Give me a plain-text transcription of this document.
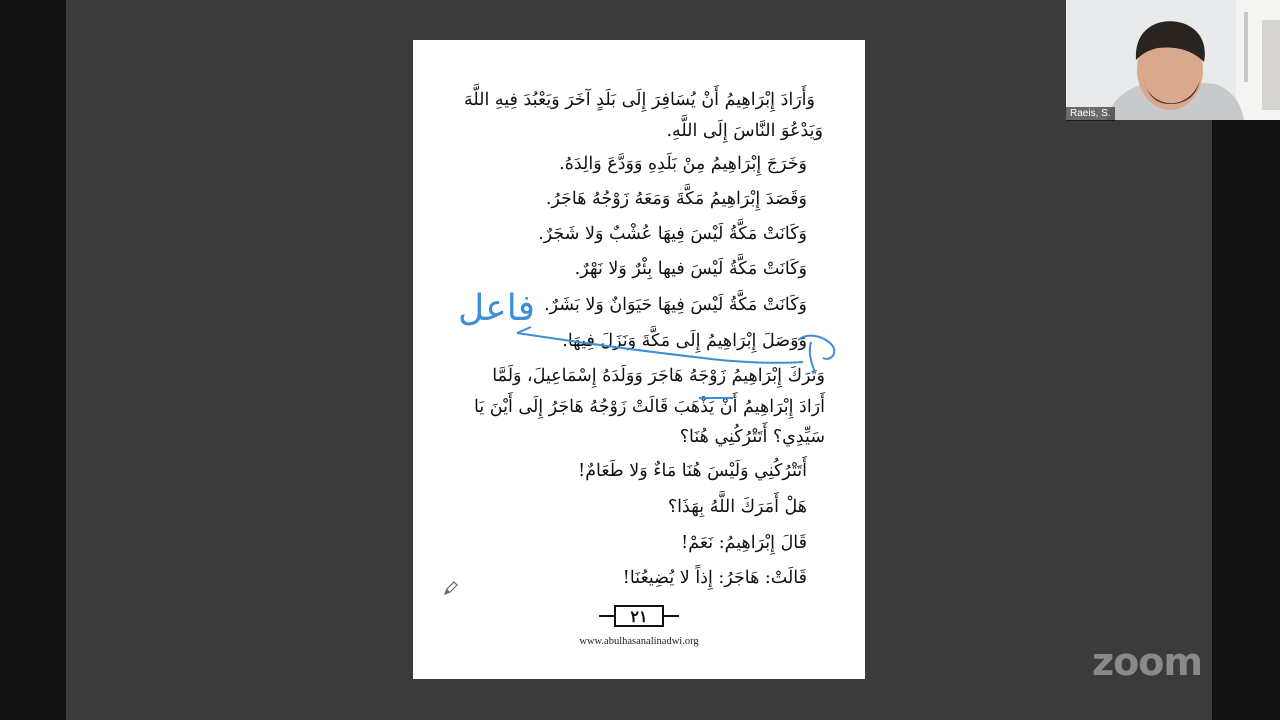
وَأَرَادَ إِبْرَاهِيمُ أَنْ يُسَافِرَ إِلَى بَلَدٍ آخَرَ وَيَعْبُدَ فِيهِ اللَّهَ
وَيَدْعُوَ النَّاسَ إِلَى اللَّهِ.
وَخَرَجَ إِبْرَاهِيمُ مِنْ بَلَدِهِ وَوَدَّعَ وَالِدَهُ.
وَقَصَدَ إِبْرَاهِيمُ مَكَّةَ وَمَعَهُ زَوْجُهُ هَاجَرُ.
وَكَانَتْ مَكَّةُ لَيْسَ فِيهَا عُشْبٌ وَلا شَجَرٌ.
وَكَانَتْ مَكَّةُ لَيْسَ فيها بِئْرٌ وَلا نَهْرٌ.
وَكَانَتْ مَكَّةُ لَيْسَ فِيهَا حَيَوَانٌ وَلا بَشَرٌ.
وَوَصَلَ إِبْرَاهِيمُ إِلَى مَكَّةَ وَنَزَلَ فِيهَا.
وَتَرَكَ إِبْرَاهِيمُ زَوْجَهُ هَاجَرَ وَوَلَدَهُ إِسْمَاعِيلَ، وَلَمَّا
أَرَادَ إِبْرَاهِيمُ أَنْ يَذْهَبَ قَالَتْ زَوْجُهُ هَاجَرُ إِلَى أَيْنَ يَا
سَيِّدِي؟ أَتَتْرُكُنِي هُنَا؟
أَتَتْرُكُنِي وَلَيْسَ هُنَا مَاءٌ وَلا طَعَامٌ!
هَلْ أَمَرَكَ اللَّهُ بِهَذَا؟
قَالَ إِبْرَاهِيمُ: نَعَمْ!
قَالَتْ: هَاجَرُ: إِذاً لا يُضِيعُنَا!
فاعل
٢١
www.abulhasanalinadwi.org
Raeis, S.
zoom
